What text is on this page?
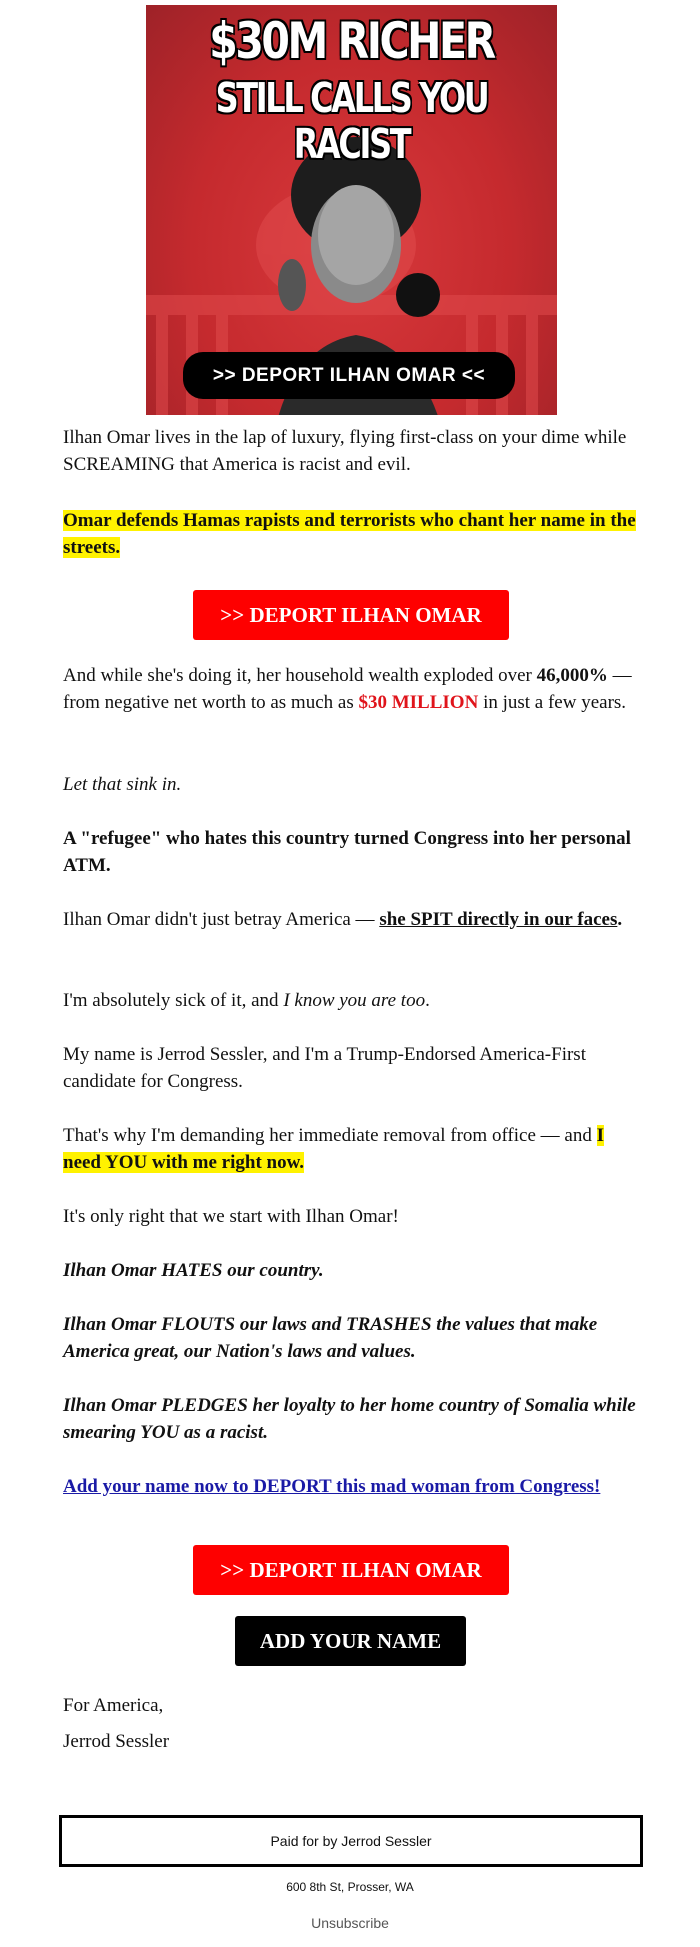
$30M RICHER
STILL CALLS YOU RACIST
>> DEPORT ILHAN OMAR <<

Ilhan Omar lives in the lap of luxury, flying first-class on your dime while SCREAMING that America is racist and evil.

Omar defends Hamas rapists and terrorists who chant her name in the streets.

>> DEPORT ILHAN OMAR

And while she's doing it, her household wealth exploded over 46,000% — from negative net worth to as much as $30 MILLION in just a few years.

Let that sink in.

A "refugee" who hates this country turned Congress into her personal ATM.

Ilhan Omar didn't just betray America — she SPIT directly in our faces.

I'm absolutely sick of it, and I know you are too.

My name is Jerrod Sessler, and I'm a Trump-Endorsed America-First candidate for Congress.

That's why I'm demanding her immediate removal from office — and I need YOU with me right now.

It's only right that we start with Ilhan Omar!

Ilhan Omar HATES our country.

Ilhan Omar FLOUTS our laws and TRASHES the values that make America great, our Nation's laws and values.

Ilhan Omar PLEDGES her loyalty to her home country of Somalia while smearing YOU as a racist.

Add your name now to DEPORT this mad woman from Congress!

>> DEPORT ILHAN OMAR
ADD YOUR NAME

For America,
Jerrod Sessler

Paid for by Jerrod Sessler
600 8th St, Prosser, WA
Unsubscribe
